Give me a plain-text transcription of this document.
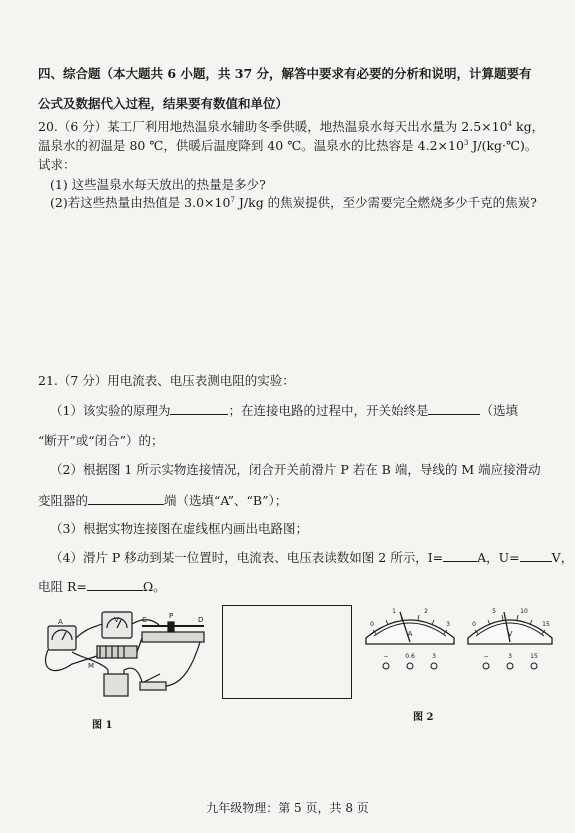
四、综合题（本大题共 6 小题，共 37 分，解答中要求有必要的分析和说明，计算题要有
公式及数据代入过程，结果要有数值和单位）
20.（6 分）某工厂利用地热温泉水辅助冬季供暖，地热温泉水每天出水量为 $2.5\times 10^4$ kg，
温泉水的初温是 80 ℃，供暖后温度降到 40 ℃。温泉水的比热容是 $4.2\times 10^3$ J/(kg·℃)。
试求：
(1) 这些温泉水每天放出的热量是多少?
(2)若这些热量由热值是 $3.0\times 10^7$ J/kg 的焦炭提供，至少需要完全燃烧多少千克的焦炭?
21.（7 分）用电流表、电压表测电阻的实验：
（1）该实验的原理为	；在连接电路的过程中，开关始终是	（选填
“断开”或“闭合”）的；
（2）根据图 1 所示实物连接情况，闭合开关前滑片 P 若在 B 端，导线的 M 端应接滑动
变阻器的	端（选填“A”、“B”）；
（3）根据实物连接图在虚线框内画出电路图；
（4）滑片 P 移动到某一位置时，电流表、电压表读数如图 2 所示，I=	A，U=	V，
电阻 R=	Ω。
A	V	C	P	D
M
图 1
0
1	2
3
A
−	0.6	3
0
5	10
15
V
−	3	15
图 2
九年级物理：第 5 页，共 8 页
